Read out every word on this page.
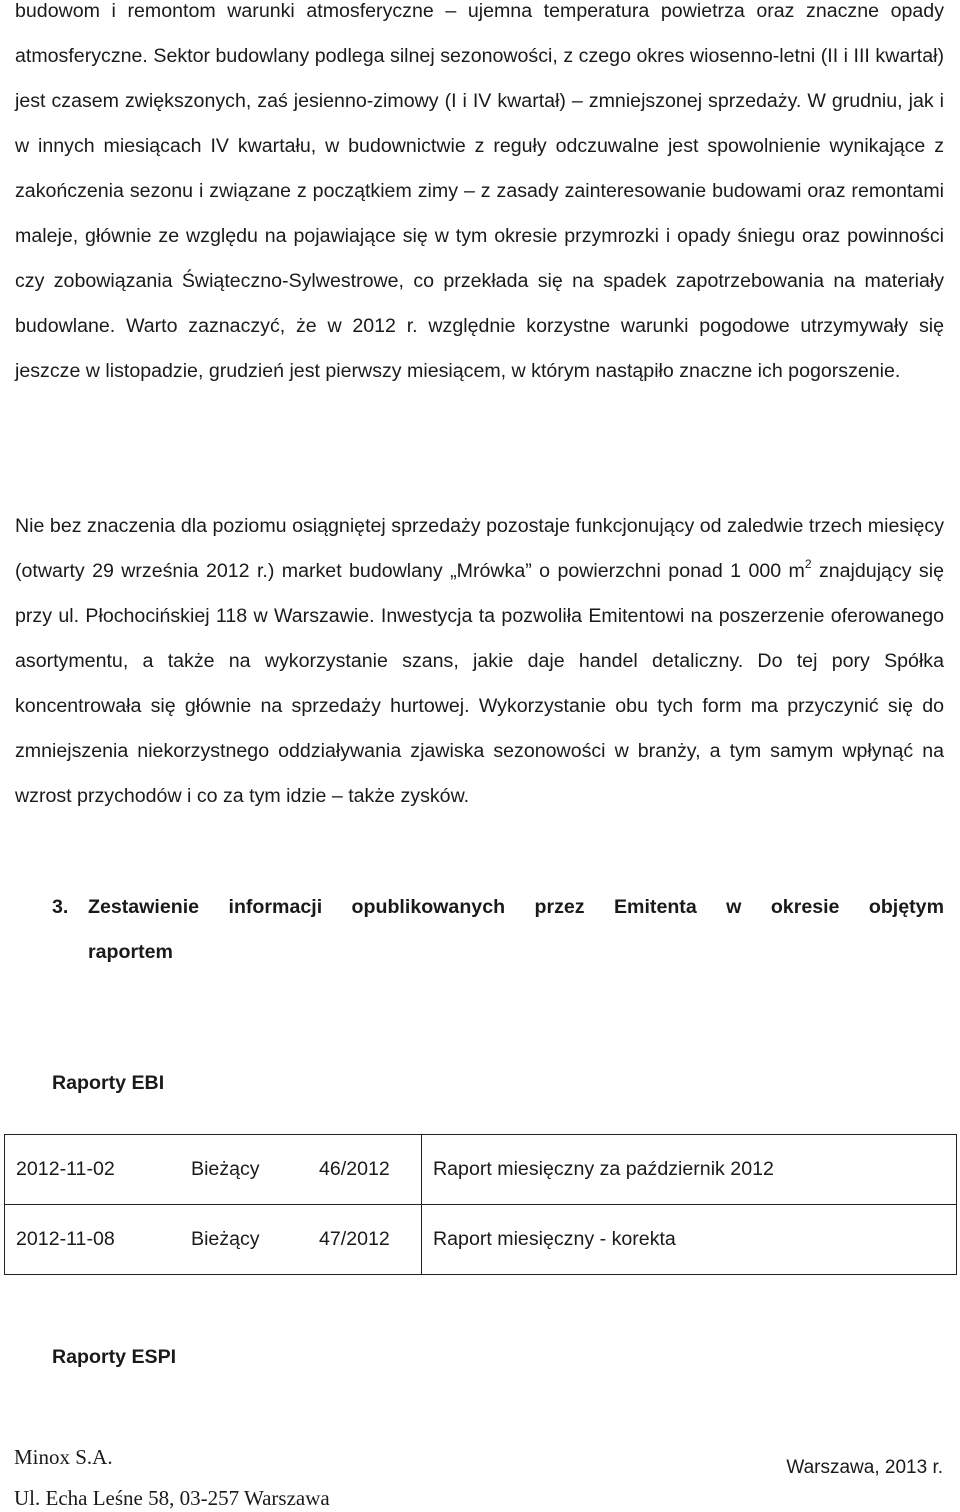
budowom i remontom warunki atmosferyczne – ujemna temperatura powietrza oraz znaczne opady atmosferyczne. Sektor budowlany podlega silnej sezonowości, z czego okres wiosenno-letni (II i III kwartał) jest czasem zwiększonych, zaś jesienno-zimowy (I i IV kwartał) – zmniejszonej sprzedaży. W grudniu, jak i w innych miesiącach IV kwartału, w budownictwie z reguły odczuwalne jest spowolnienie wynikające z zakończenia sezonu i związane z początkiem zimy – z zasady zainteresowanie budowami oraz remontami maleje, głównie ze względu na pojawiające się w tym okresie przymrozki i opady śniegu oraz powinności czy zobowiązania Świąteczno-Sylwestrowe, co przekłada się na spadek zapotrzebowania na materiały budowlane. Warto zaznaczyć, że w 2012 r. względnie korzystne warunki pogodowe utrzymywały się jeszcze w listopadzie, grudzień jest pierwszy miesiącem, w którym nastąpiło znaczne ich pogorszenie.

Nie bez znaczenia dla poziomu osiągniętej sprzedaży pozostaje funkcjonujący od zaledwie trzech miesięcy (otwarty 29 września 2012 r.) market budowlany „Mrówka” o powierzchni ponad 1 000 $m^2$ znajdujący się przy ul. Płochocińskiej 118 w Warszawie. Inwestycja ta pozwoliła Emitentowi na poszerzenie oferowanego asortymentu, a także na wykorzystanie szans, jakie daje handel detaliczny. Do tej pory Spółka koncentrowała się głównie na sprzedaży hurtowej. Wykorzystanie obu tych form ma przyczynić się do zmniejszenia niekorzystnego oddziaływania zjawiska sezonowości w branży, a tym samym wpłynąć na wzrost przychodów i co za tym idzie – także zysków.

3. Zestawienie informacji opublikowanych przez Emitenta w okresie objętym
raportem
Raporty EBI
2012-11-02	Bieżący	46/2012	Raport miesięczny za październik 2012
2012-11-08	Bieżący	47/2012	Raport miesięczny - korekta
Raporty ESPI
Minox S.A.
Ul. Echa Leśne 58, 03-257 Warszawa
Warszawa, 2013 r.
